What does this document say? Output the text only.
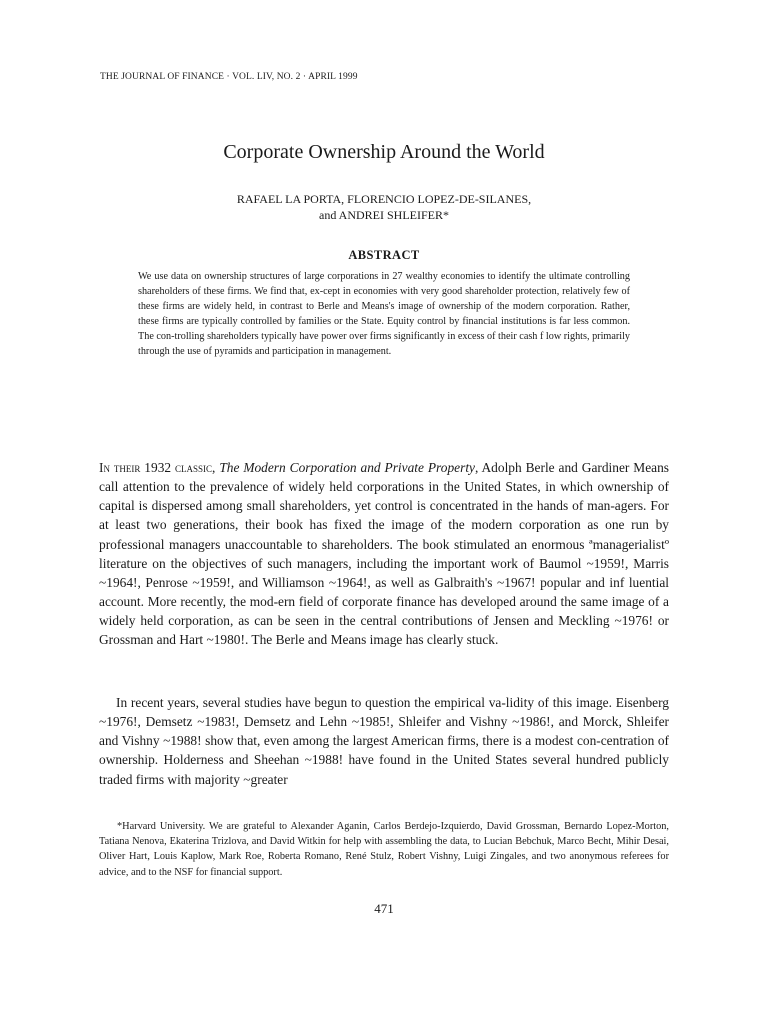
THE JOURNAL OF FINANCE · VOL. LIV, NO. 2 · APRIL 1999
Corporate Ownership Around the World
RAFAEL LA PORTA, FLORENCIO LOPEZ-DE-SILANES,
and ANDREI SHLEIFER*
ABSTRACT
We use data on ownership structures of large corporations in 27 wealthy economies to identify the ultimate controlling shareholders of these firms. We find that, ex-cept in economies with very good shareholder protection, relatively few of these firms are widely held, in contrast to Berle and Means's image of ownership of the modern corporation. Rather, these firms are typically controlled by families or the State. Equity control by financial institutions is far less common. The con-trolling shareholders typically have power over firms significantly in excess of their cash f low rights, primarily through the use of pyramids and participation in management.
In their 1932 classic, The Modern Corporation and Private Property, Adolph Berle and Gardiner Means call attention to the prevalence of widely held corporations in the United States, in which ownership of capital is dispersed among small shareholders, yet control is concentrated in the hands of man-agers. For at least two generations, their book has fixed the image of the modern corporation as one run by professional managers unaccountable to shareholders. The book stimulated an enormous ªmanagerialistº literature on the objectives of such managers, including the important work of Baumol ~1959!, Marris ~1964!, Penrose ~1959!, and Williamson ~1964!, as well as Galbraith's ~1967! popular and inf luential account. More recently, the mod-ern field of corporate finance has developed around the same image of a widely held corporation, as can be seen in the central contributions of Jensen and Meckling ~1976! or Grossman and Hart ~1980!. The Berle and Means image has clearly stuck.
In recent years, several studies have begun to question the empirical va-lidity of this image. Eisenberg ~1976!, Demsetz ~1983!, Demsetz and Lehn ~1985!, Shleifer and Vishny ~1986!, and Morck, Shleifer and Vishny ~1988! show that, even among the largest American firms, there is a modest con-centration of ownership. Holderness and Sheehan ~1988! have found in the United States several hundred publicly traded firms with majority ~greater
*Harvard University. We are grateful to Alexander Aganin, Carlos Berdejo-Izquierdo, David Grossman, Bernardo Lopez-Morton, Tatiana Nenova, Ekaterina Trizlova, and David Witkin for help with assembling the data, to Lucian Bebchuk, Marco Becht, Mihir Desai, Oliver Hart, Louis Kaplow, Mark Roe, Roberta Romano, René Stulz, Robert Vishny, Luigi Zingales, and two anonymous referees for advice, and to the NSF for financial support.
471
